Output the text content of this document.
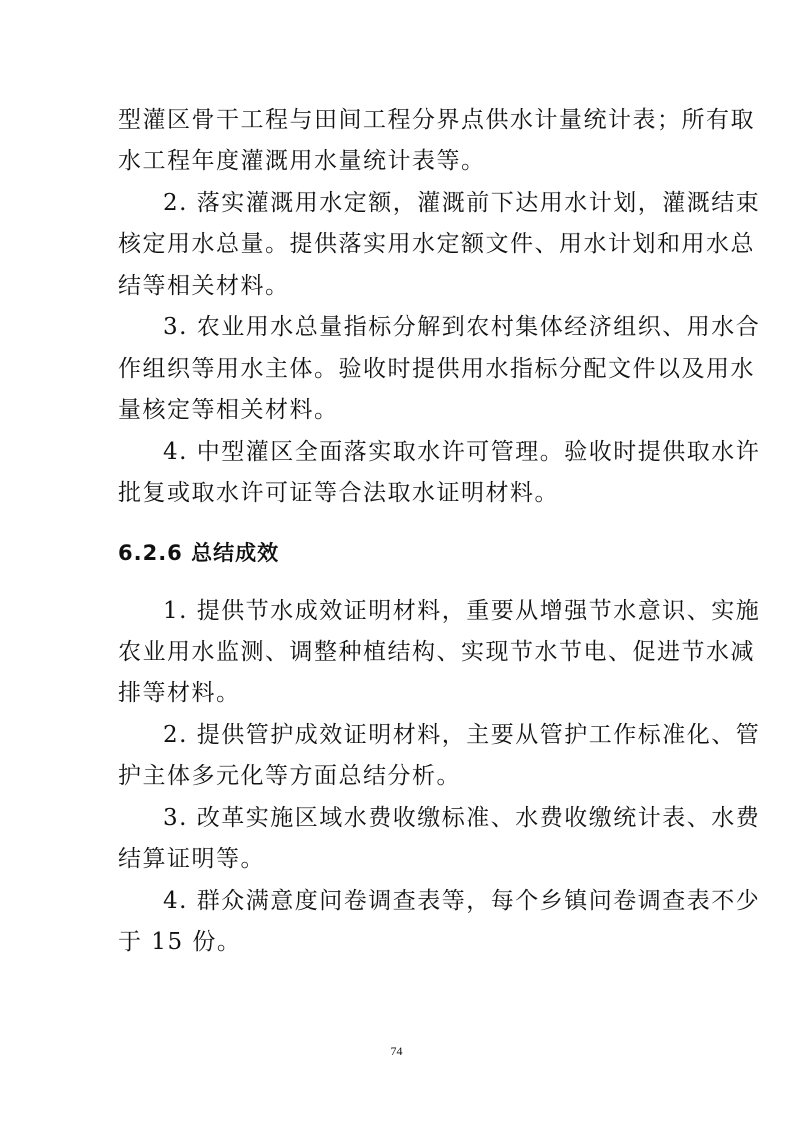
型灌区骨干工程与田间工程分界点供水计量统计表；所有取
水工程年度灌溉用水量统计表等。
2. 落实灌溉用水定额，灌溉前下达用水计划，灌溉结束
核定用水总量。提供落实用水定额文件、用水计划和用水总
结等相关材料。
3. 农业用水总量指标分解到农村集体经济组织、用水合
作组织等用水主体。验收时提供用水指标分配文件以及用水
量核定等相关材料。
4. 中型灌区全面落实取水许可管理。验收时提供取水许
批复或取水许可证等合法取水证明材料。
6.2.6 总结成效
1. 提供节水成效证明材料，重要从增强节水意识、实施
农业用水监测、调整种植结构、实现节水节电、促进节水减
排等材料。
2. 提供管护成效证明材料，主要从管护工作标准化、管
护主体多元化等方面总结分析。
3. 改革实施区域水费收缴标准、水费收缴统计表、水费
结算证明等。
4. 群众满意度问卷调查表等，每个乡镇问卷调查表不少
于 15 份。
74
